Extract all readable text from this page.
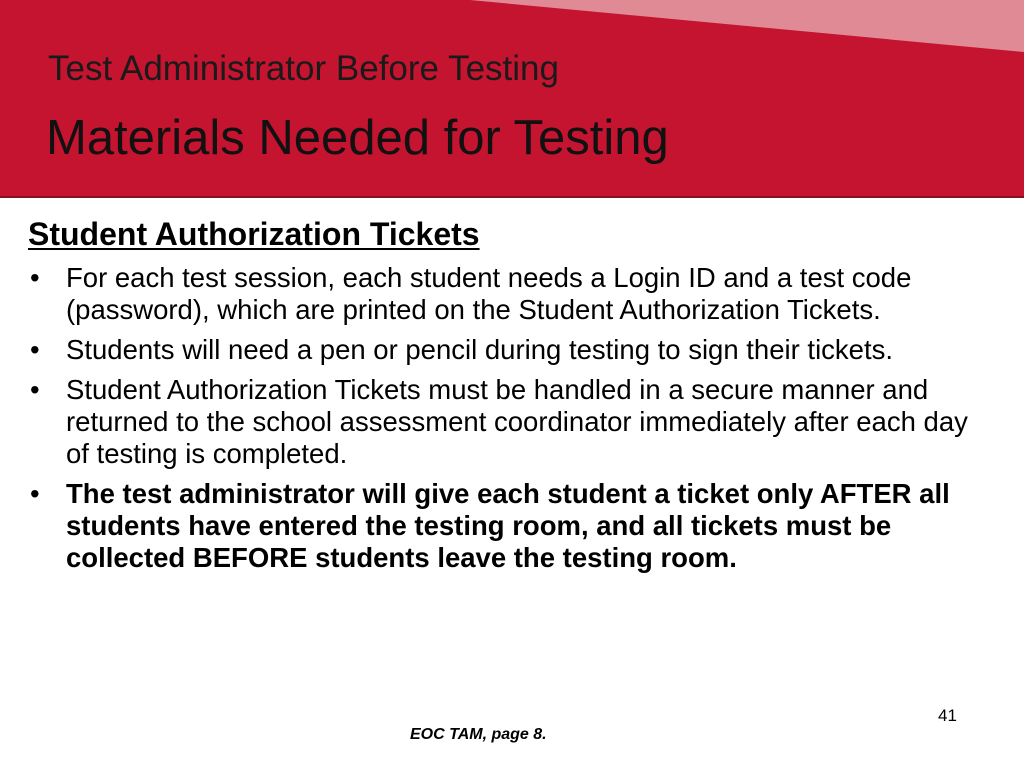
Test Administrator Before Testing
Materials Needed for Testing
Student Authorization Tickets
• For each test session, each student needs a Login ID and a test code (password), which are printed on the Student Authorization Tickets.
• Students will need a pen or pencil during testing to sign their tickets.
• Student Authorization Tickets must be handled in a secure manner and returned to the school assessment coordinator immediately after each day of testing is completed.
• The test administrator will give each student a ticket only AFTER all students have entered the testing room, and all tickets must be collected BEFORE students leave the testing room.
41
EOC TAM, page 8.
